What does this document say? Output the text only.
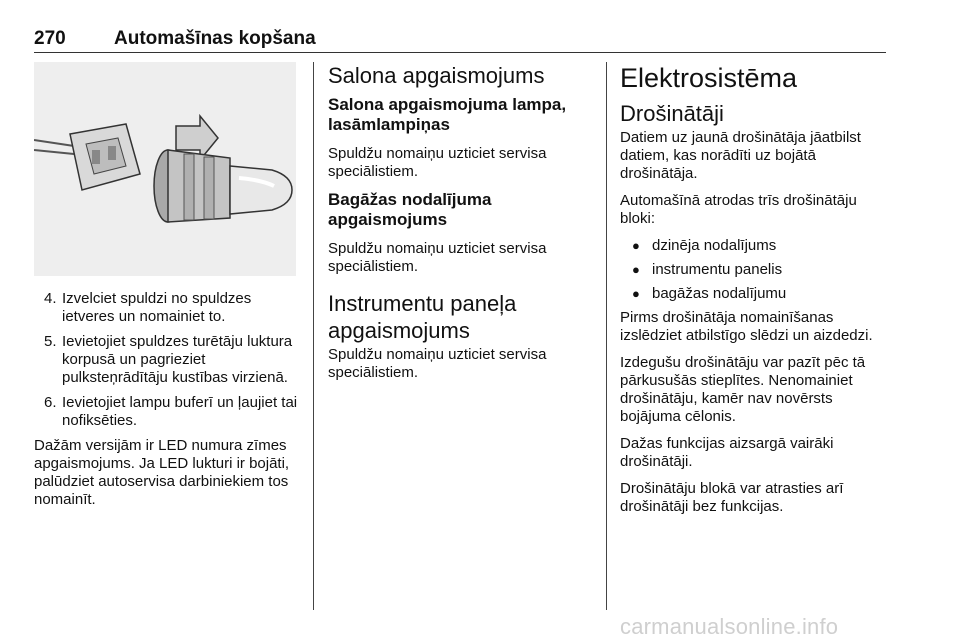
270	Automašīnas kopšana
4. Izvelciet spuldzi no spuldzes ietveres un nomainiet to.
5. Ievietojiet spuldzes turētāju luktura korpusā un pagrieziet pulksteņrādītāju kustības virzienā.
6. Ievietojiet lampu buferī un ļaujiet tai nofiksēties.

Dažām versijām ir LED numura zīmes apgaismojums. Ja LED lukturi ir bojāti, palūdziet autoservisa darbiniekiem tos nomainīt.

Salona apgaismojums
Salona apgaismojuma lampa, lasāmlampiņas

Spuldžu nomaiņu uzticiet servisa speciālistiem.

Bagāžas nodalījuma apgaismojums

Spuldžu nomaiņu uzticiet servisa speciālistiem.

Instrumentu paneļa apgaismojums

Spuldžu nomaiņu uzticiet servisa speciālistiem.

Elektrosistēma
Drošinātāji

Datiem uz jaunā drošinātāja jāatbilst datiem, kas norādīti uz bojātā drošinātāja.

Automašīnā atrodas trīs drošinātāju bloki:

● dzinēja nodalījums
● instrumentu panelis
● bagāžas nodalījumu

Pirms drošinātāja nomainīšanas izslēdziet atbilstīgo slēdzi un aizdedzi.

Izdegušu drošinātāju var pazīt pēc tā pārkusušās stieplītes. Nenomainiet drošinātāju, kamēr nav novērsts bojājuma cēlonis.

Dažas funkcijas aizsargā vairāki drošinātāji.

Drošinātāju blokā var atrasties arī drošinātāji bez funkcijas.

carmanualsonline.info
